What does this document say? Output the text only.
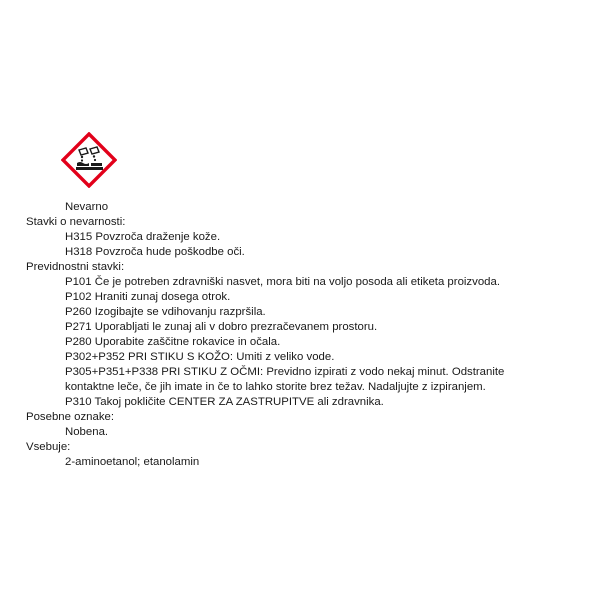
Nevarno
Stavki o nevarnosti:
H315 Povzroča draženje kože.
H318 Povzroča hude poškodbe oči.
Previdnostni stavki:
P101 Če je potreben zdravniški nasvet, mora biti na voljo posoda ali etiketa proizvoda.
P102 Hraniti zunaj dosega otrok.
P260 Izogibajte se vdihovanju razpršila.
P271 Uporabljati le zunaj ali v dobro prezračevanem prostoru.
P280 Uporabite zaščitne rokavice in očala.
P302+P352 PRI STIKU S KOŽO: Umiti z veliko vode.
P305+P351+P338 PRI STIKU Z OČMI: Previdno izpirati z vodo nekaj minut. Odstranite
kontaktne leče, če jih imate in če to lahko storite brez težav. Nadaljujte z izpiranjem.
P310 Takoj pokličite CENTER ZA ZASTRUPITVE ali zdravnika.
Posebne oznake:
Nobena.
Vsebuje:
2-aminoetanol; etanolamin
